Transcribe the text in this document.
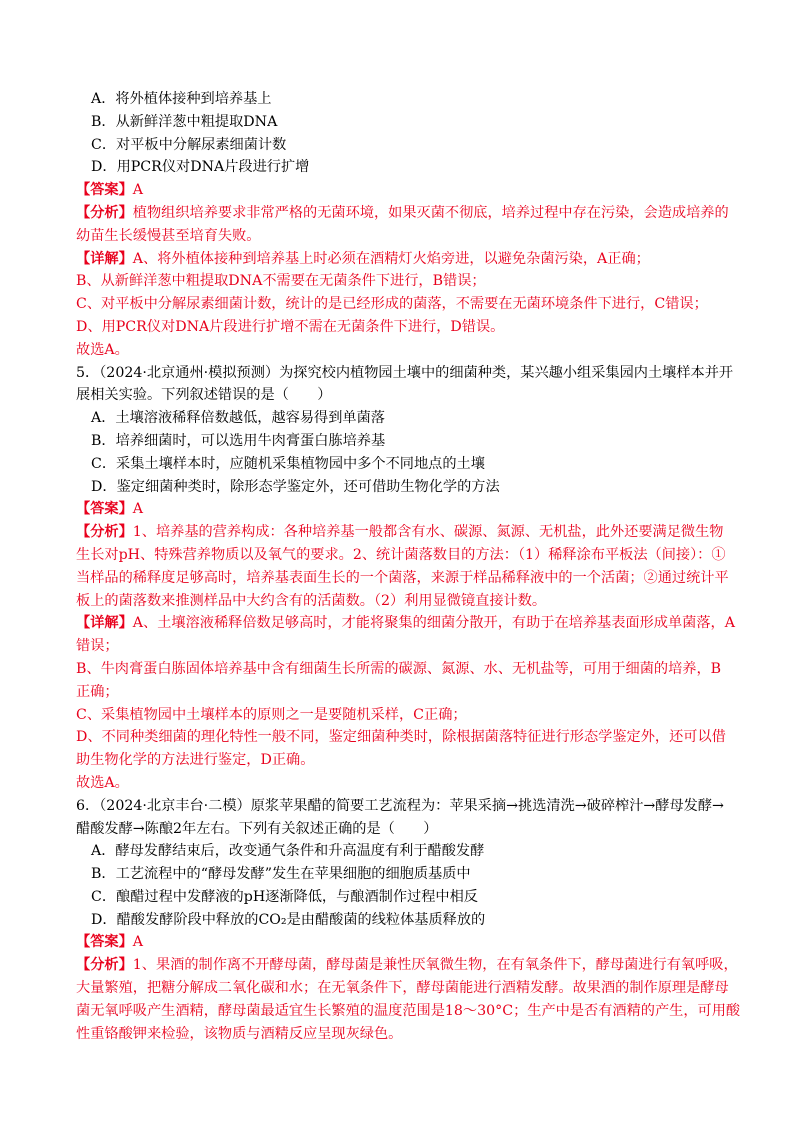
A．将外植体接种到培养基上
B．从新鲜洋葱中粗提取DNA
C．对平板中分解尿素细菌计数
D．用PCR仪对DNA片段进行扩增
【答案】A
【分析】植物组织培养要求非常严格的无菌环境，如果灭菌不彻底，培养过程中存在污染，会造成培养的
幼苗生长缓慢甚至培育失败。
【详解】A、将外植体接种到培养基上时必须在酒精灯火焰旁进，以避免杂菌污染，A正确；
B、从新鲜洋葱中粗提取DNA不需要在无菌条件下进行，B错误；
C、对平板中分解尿素细菌计数，统计的是已经形成的菌落，不需要在无菌环境条件下进行，C错误；
D、用PCR仪对DNA片段进行扩增不需在无菌条件下进行，D错误。
故选A。
5．（2024·北京通州·模拟预测）为探究校内植物园土壤中的细菌种类，某兴趣小组采集园内土壤样本并开
展相关实验。下列叙述错误的是（　　）
A．土壤溶液稀释倍数越低，越容易得到单菌落
B．培养细菌时，可以选用牛肉膏蛋白胨培养基
C．采集土壤样本时，应随机采集植物园中多个不同地点的土壤
D．鉴定细菌种类时，除形态学鉴定外，还可借助生物化学的方法
【答案】A
【分析】1、培养基的营养构成：各种培养基一般都含有水、碳源、氮源、无机盐，此外还要满足微生物
生长对pH、特殊营养物质以及氧气的要求。2、统计菌落数目的方法：（1）稀释涂布平板法（间接）：①
当样品的稀释度足够高时，培养基表面生长的一个菌落，来源于样品稀释液中的一个活菌；②通过统计平
板上的菌落数来推测样品中大约含有的活菌数。（2）利用显微镜直接计数。
【详解】A、土壤溶液稀释倍数足够高时，才能将聚集的细菌分散开，有助于在培养基表面形成单菌落，A
错误；
B、牛肉膏蛋白胨固体培养基中含有细菌生长所需的碳源、氮源、水、无机盐等，可用于细菌的培养，B
正确；
C、采集植物园中土壤样本的原则之一是要随机采样，C正确；
D、不同种类细菌的理化特性一般不同，鉴定细菌种类时，除根据菌落特征进行形态学鉴定外，还可以借
助生物化学的方法进行鉴定，D正确。
故选A。
6．（2024·北京丰台·二模）原浆苹果醋的简要工艺流程为：苹果采摘→挑选清洗→破碎榨汁→酵母发酵→
醋酸发酵→陈酿2年左右。下列有关叙述正确的是（　　）
A．酵母发酵结束后，改变通气条件和升高温度有利于醋酸发酵
B．工艺流程中的“酵母发酵”发生在苹果细胞的细胞质基质中
C．酿醋过程中发酵液的pH逐渐降低，与酿酒制作过程中相反
D．醋酸发酵阶段中释放的CO₂是由醋酸菌的线粒体基质释放的
【答案】A
【分析】1、果酒的制作离不开酵母菌，酵母菌是兼性厌氧微生物，在有氧条件下，酵母菌进行有氧呼吸，
大量繁殖，把糖分解成二氧化碳和水；在无氧条件下，酵母菌能进行酒精发酵。故果酒的制作原理是酵母
菌无氧呼吸产生酒精，酵母菌最适宜生长繁殖的温度范围是18～30°C；生产中是否有酒精的产生，可用酸
性重铬酸钾来检验，该物质与酒精反应呈现灰绿色。
